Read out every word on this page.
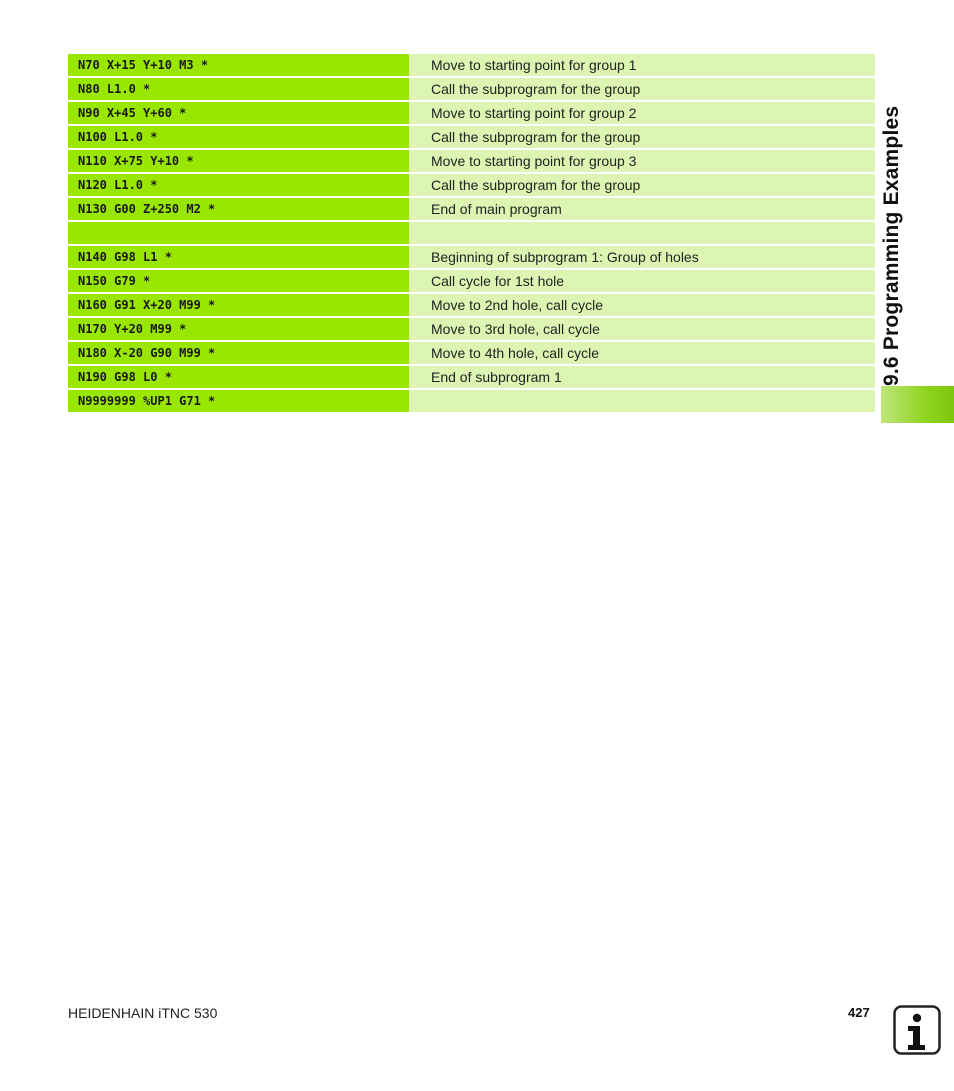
N70 X+15 Y+10 M3 *	Move to starting point for group 1
N80 L1.0 *	Call the subprogram for the group
N90 X+45 Y+60 *	Move to starting point for group 2
N100 L1.0 *	Call the subprogram for the group
N110 X+75 Y+10 *	Move to starting point for group 3
N120 L1.0 *	Call the subprogram for the group
N130 G00 Z+250 M2 *	End of main program
N140 G98 L1 *	Beginning of subprogram 1: Group of holes
N150 G79 *	Call cycle for 1st hole
N160 G91 X+20 M99 *	Move to 2nd hole, call cycle
N170 Y+20 M99 *	Move to 3rd hole, call cycle
N180 X-20 G90 M99 *	Move to 4th hole, call cycle
N190 G98 L0 *	End of subprogram 1
N9999999 %UP1 G71 *
9.6 Programming Examples
HEIDENHAIN iTNC 530	427
